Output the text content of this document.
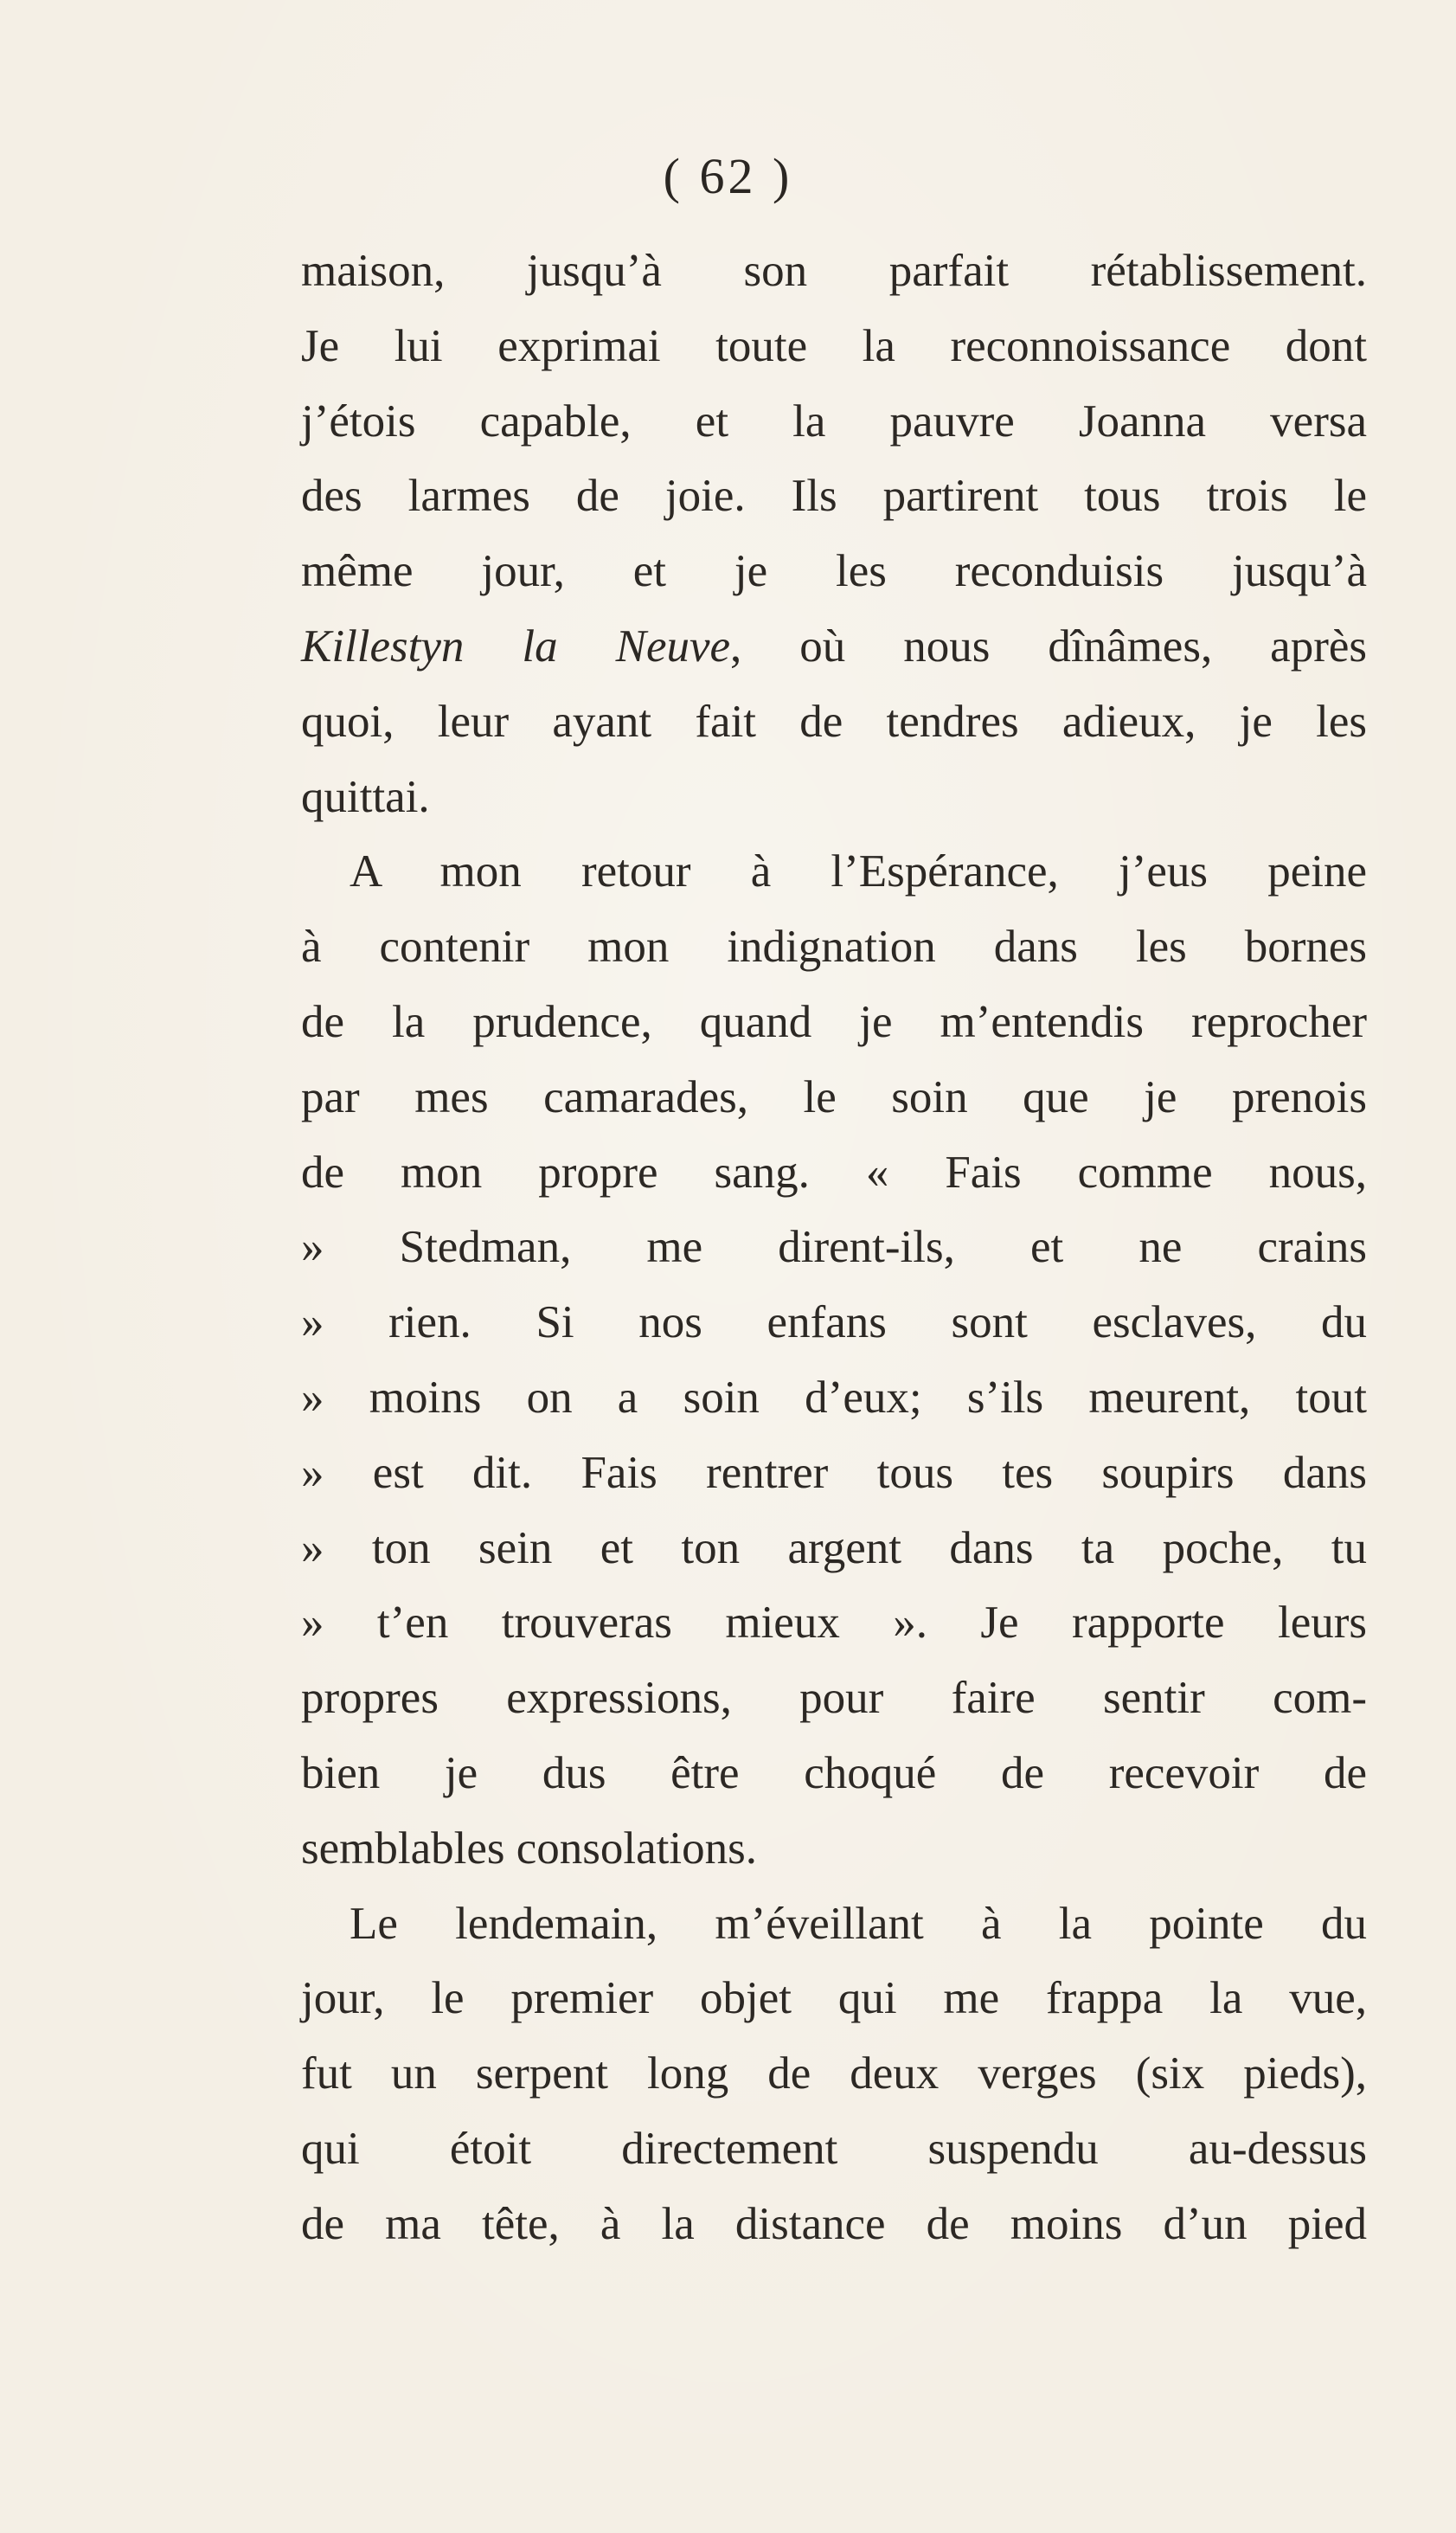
( 62 )
maison, jusqu’à son parfait rétablissement.
Je lui exprimai toute la reconnoissance dont
j’étois capable, et la pauvre Joanna versa
des larmes de joie. Ils partirent tous trois le
même jour, et je les reconduisis jusqu’à
Killestyn la Neuve, où nous dînâmes, après
quoi, leur ayant fait de tendres adieux, je les
quittai.
A mon retour à l’Espérance, j’eus peine
à contenir mon indignation dans les bornes
de la prudence, quand je m’entendis reprocher
par mes camarades, le soin que je prenois
de mon propre sang. « Fais comme nous,
» Stedman, me dirent-ils, et ne crains
» rien. Si nos enfans sont esclaves, du
» moins on a soin d’eux; s’ils meurent, tout
» est dit. Fais rentrer tous tes soupirs dans
» ton sein et ton argent dans ta poche, tu
» t’en trouveras mieux ». Je rapporte leurs
propres expressions, pour faire sentir com-
bien je dus être choqué de recevoir de
semblables consolations.
Le lendemain, m’éveillant à la pointe du
jour, le premier objet qui me frappa la vue,
fut un serpent long de deux verges (six pieds),
qui étoit directement suspendu au-dessus
de ma tête, à la distance de moins d’un pied
